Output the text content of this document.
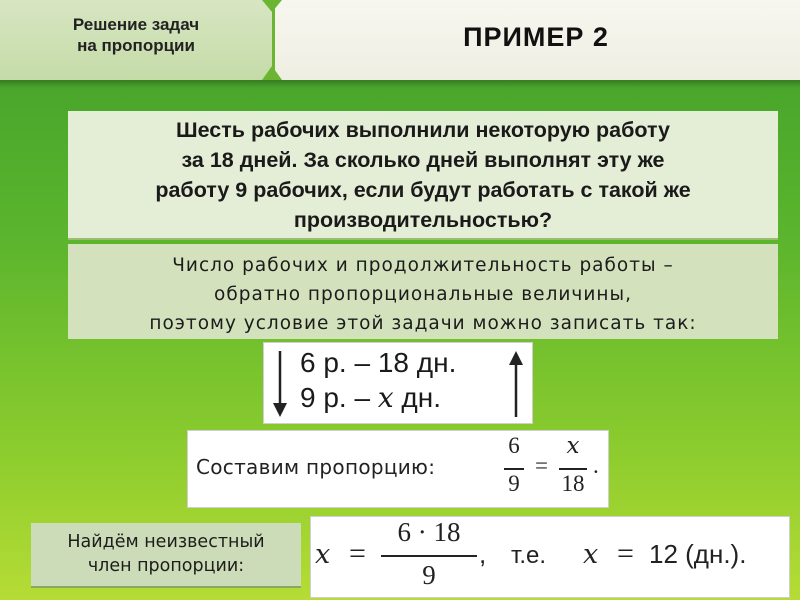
Решение задач
на пропорции	ПРИМЕР 2
Шесть рабочих выполнили некоторую работу
за 18 дней. За сколько дней выполнят эту же
работу 9 рабочих, если будут работать с такой же
производительностью?
Число рабочих и продолжительность работы –
обратно пропорциональные величины,
поэтому условие этой задачи можно записать так:
6 р. – 18 дн.
9 р. – x дн.
Составим пропорцию:
6
9
=
x
18
.
Найдём неизвестный
член пропорции:	x =
6 · 18
9
, т.е. x = 12 (дн.).
